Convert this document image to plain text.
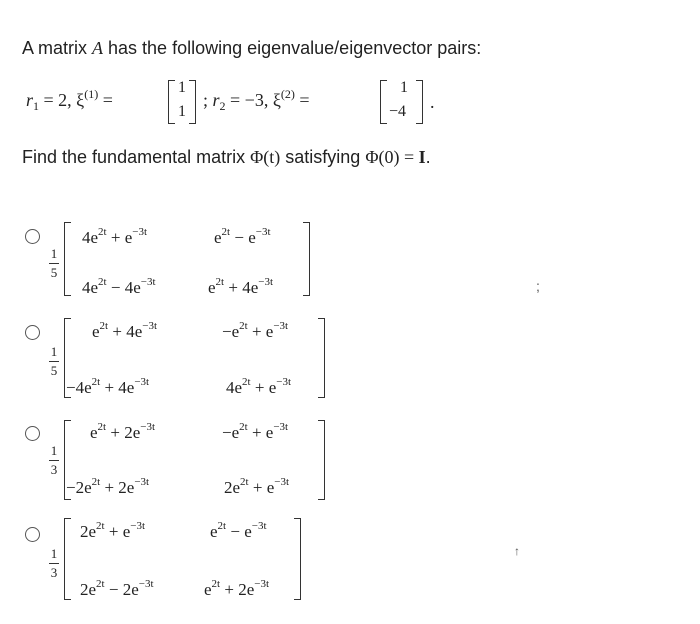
A matrix A has the following eigenvalue/eigenvector pairs:
$r_1 = 2$, $\xi^{(1)}$ =
1
1
; $r_2 = -3$, $\xi^{(2)}$ =
1
−4 .
Find the fundamental matrix Φ(t) satisfying Φ(0) = I.
1
5
$4e^{2t} + e^{-3t}$	$e^{2t} - e^{-3t}$
$4e^{2t} - 4e^{-3t}$	$e^{2t} + 4e^{-3t}$
1
5
$e^{2t} + 4e^{-3t}$	$-e^{2t} + e^{-3t}$
$-4e^{2t} + 4e^{-3t}$	$4e^{2t} + e^{-3t}$
1
3
$e^{2t} + 2e^{-3t}$	$-e^{2t} + e^{-3t}$
$-2e^{2t} + 2e^{-3t}$	$2e^{2t} + e^{-3t}$
1
3
$2e^{2t} + e^{-3t}$	$e^{2t} - e^{-3t}$
$2e^{2t} - 2e^{-3t}$	$e^{2t} + 2e^{-3t}$
;
↑
